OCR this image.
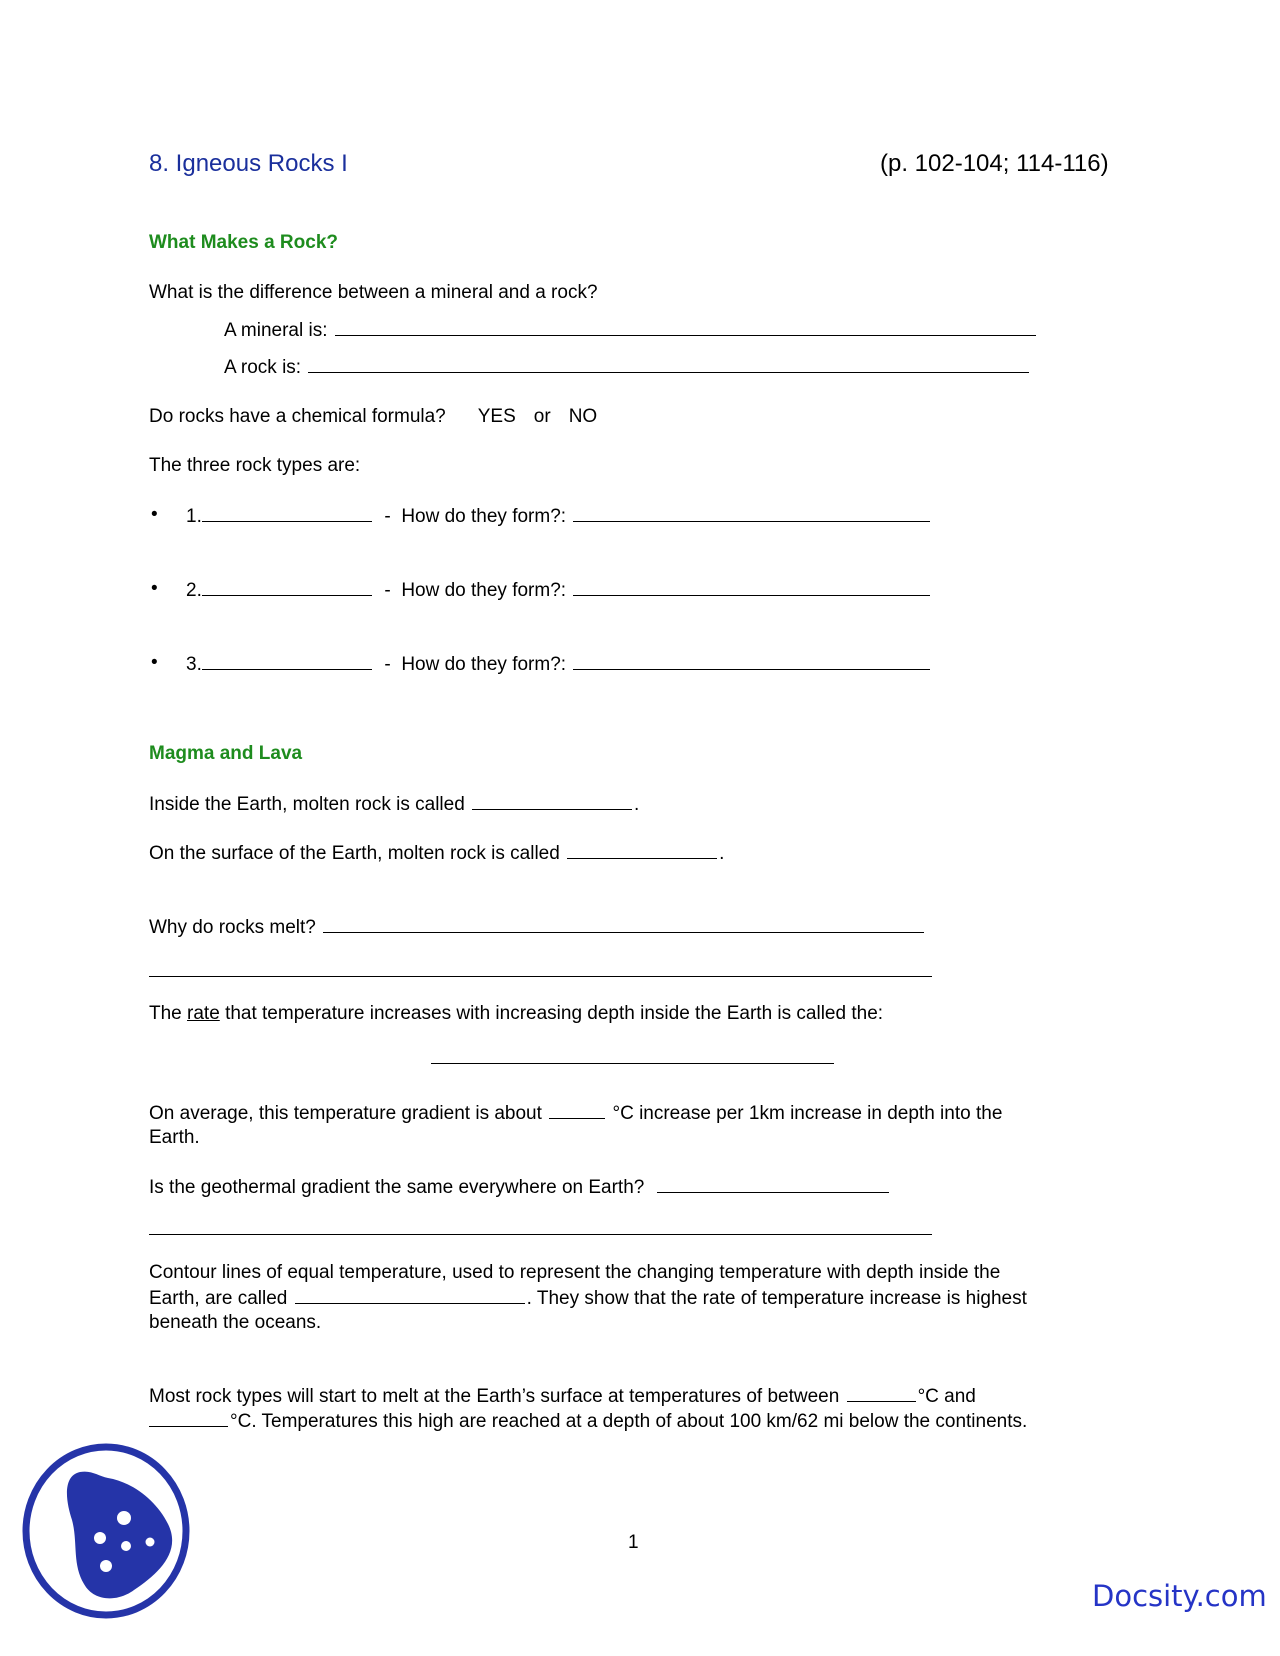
8. Igneous Rocks I	(p. 102-104; 114-116)
What Makes a Rock?
What is the difference between a mineral and a rock?
A mineral is:
A rock is:
Do rocks have a chemical formula? YES or NO
The three rock types are:
• 1.	- How do they form?:
• 2.	- How do they form?:
• 3.	- How do they form?:
Magma and Lava
Inside the Earth, molten rock is called	.
On the surface of the Earth, molten rock is called	.
Why do rocks melt?
The rate that temperature increases with increasing depth inside the Earth is called the:
On average, this temperature gradient is about	°C increase per 1km increase in depth into the
Earth.
Is the geothermal gradient the same everywhere on Earth?
Contour lines of equal temperature, used to represent the changing temperature with depth inside the
Earth, are called	. They show that the rate of temperature increase is highest
beneath the oceans.
Most rock types will start to melt at the Earth’s surface at temperatures of between	°C and
°C. Temperatures this high are reached at a depth of about 100 km/62 mi below the continents.
1
Docsity.com
